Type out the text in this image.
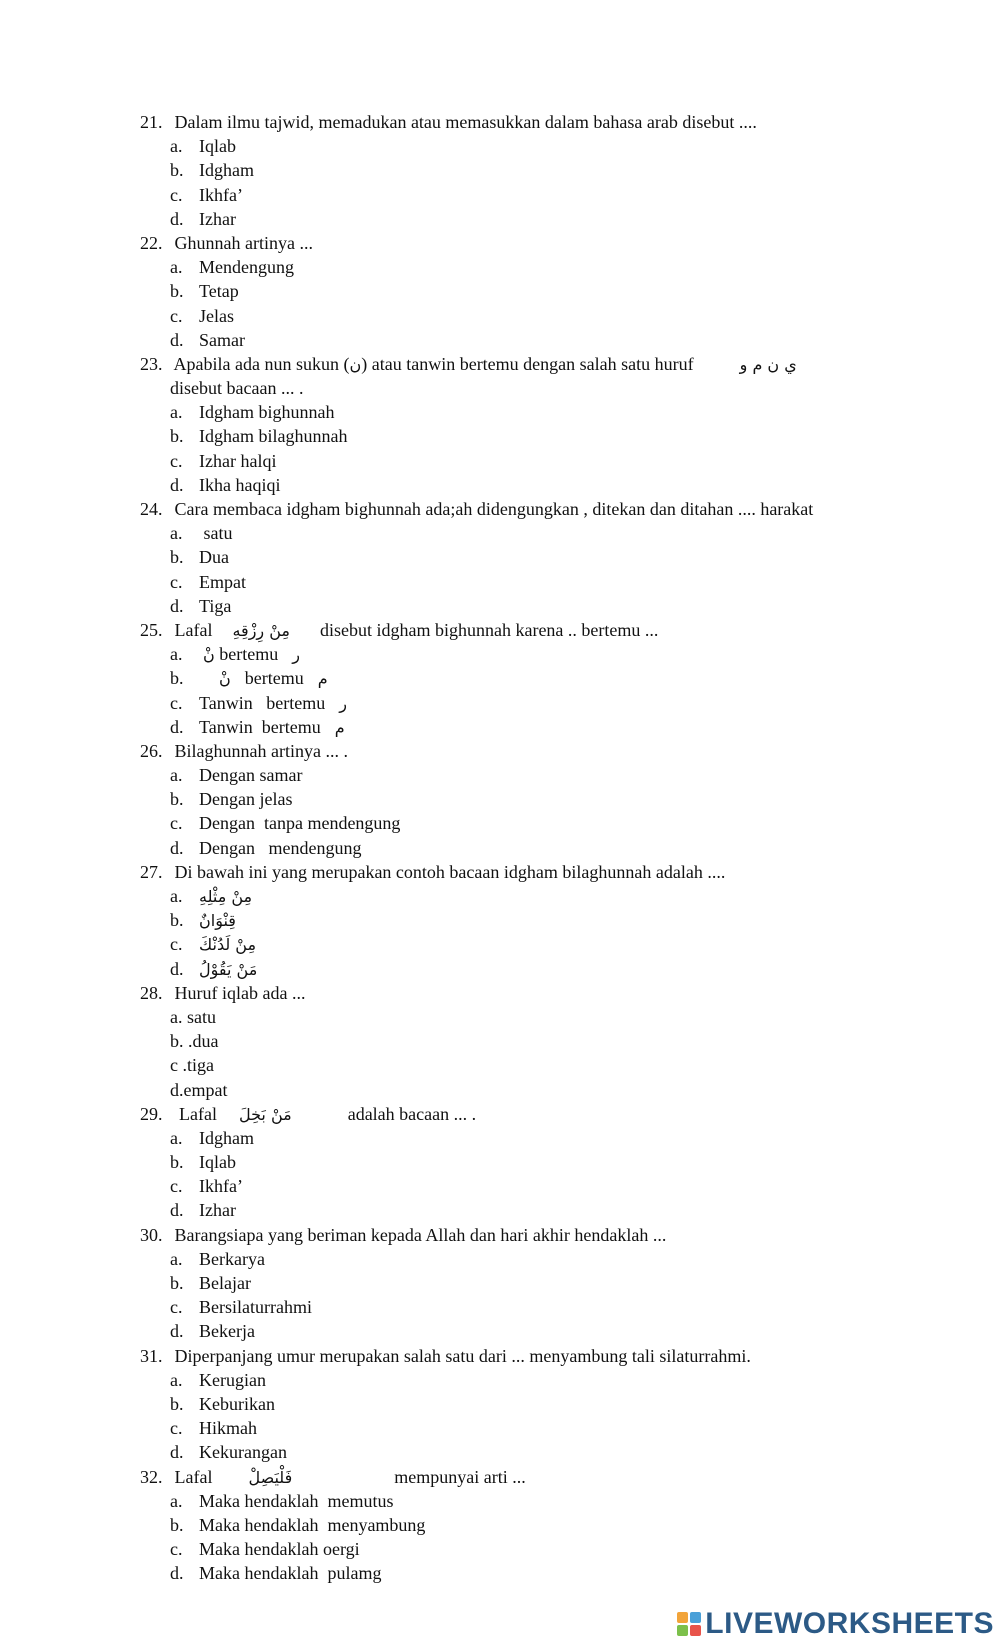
21. Dalam ilmu tajwid, memadukan atau memasukkan dalam bahasa arab disebut ....
a. Iqlab
b. Idgham
c. Ikhfa’
d. Izhar
22. Ghunnah artinya ...
a. Mendengung
b. Tetap
c. Jelas
d. Samar
23. Apabila ada nun sukun (ن) atau tanwin bertemu dengan salah satu huruf	ي ن م و
disebut bacaan ... .
a. Idgham bighunnah
b. Idgham bilaghunnah
c. Izhar halqi
d. Ikha haqiqi
24. Cara membaca idgham bighunnah ada;ah didengungkan , ditekan dan ditahan .... harakat
a. satu
b. Dua
c. Empat
d. Tiga
25. Lafal مِنْ رِزْقِهِ disebut idgham bighunnah karena .. bertemu ...
a. نْ bertemu ر
b. نْ bertemu م
c. Tanwin   bertemu ر
d. Tanwin  bertemu م
26. Bilaghunnah artinya ... .
a. Dengan samar
b. Dengan jelas
c. Dengan  tanpa mendengung
d. Dengan   mendengung
27. Di bawah ini yang merupakan contoh bacaan idgham bilaghunnah adalah ....
a. مِنْ مِثْلِهِ
b. قِنْوَانٌ
c. مِنْ لَدُنْكَ
d. مَنْ يَقُوْلُ
28. Huruf iqlab ada ...
a. satu
b. .dua
c .tiga
d.empat
29.  Lafal مَنْ بَخِلَ	adalah bacaan ... .
a. Idgham
b. Iqlab
c. Ikhfa’
d. Izhar
30. Barangsiapa yang beriman kepada Allah dan hari akhir hendaklah ...
a. Berkarya
b. Belajar
c. Bersilaturrahmi
d. Bekerja
31. Diperpanjang umur merupakan salah satu dari ... menyambung tali silaturrahmi.
a. Kerugian
b. Keburikan
c. Hikmah
d. Kekurangan
32. Lafal فَلْيَصِلْ	mempunyai arti ...
a. Maka hendaklah  memutus
b. Maka hendaklah  menyambung
c. Maka hendaklah oergi
d. Maka hendaklah  pulamg
LIVEWORKSHEETS
